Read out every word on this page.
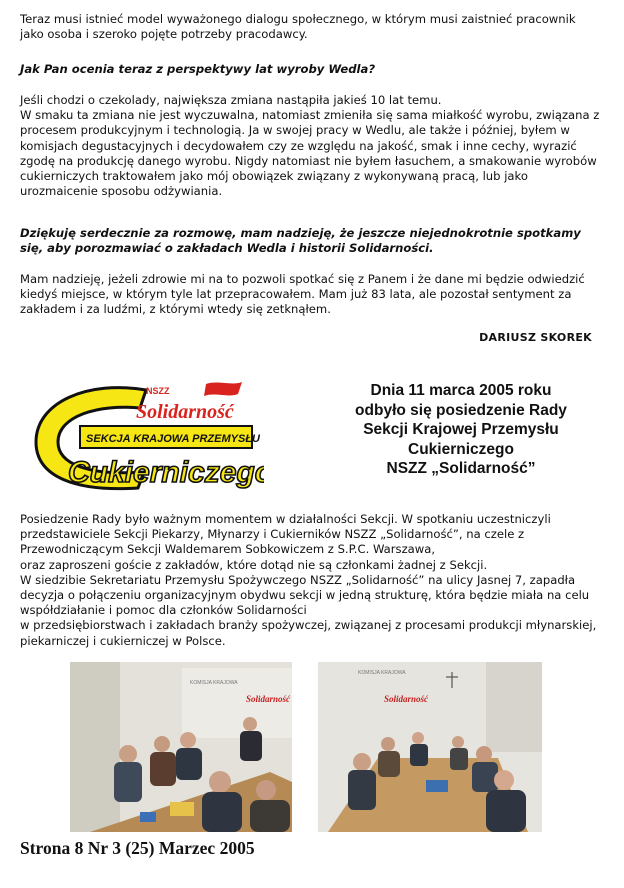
Teraz musi istnieć model wyważonego dialogu społecznego, w którym musi zaistnieć pracownik jako osoba i szeroko pojęte potrzeby pracodawcy.

Jak Pan ocenia teraz z perspektywy lat wyroby Wedla?

Jeśli chodzi o czekolady, największa zmiana nastąpiła jakieś 10 lat temu.
W smaku ta zmiana nie jest wyczuwalna, natomiast zmieniła się sama miałkość wyrobu, związana z procesem produkcyjnym i technologią. Ja w swojej pracy w Wedlu, ale także i później, byłem w komisjach degustacyjnych i decydowałem czy ze względu na jakość, smak i inne cechy, wyrazić zgodę na produkcję danego wyrobu. Nigdy natomiast nie byłem łasuchem, a smakowanie wyrobów cukierniczych traktowałem jako mój obowiązek związany z wykonywaną pracą, lub jako urozmaicenie sposobu odżywiania.

Dziękuję serdecznie za rozmowę, mam nadzieję, że jeszcze niejednokrotnie spotkamy się, aby porozmawiać o zakładach Wedla i historii Solidarności.

Mam nadzieję, jeżeli zdrowie mi na to pozwoli spotkać się z Panem i że dane mi będzie odwiedzić kiedyś miejsce, w którym tyle lat przepracowałem. Mam już 83 lata, ale pozostał sentyment za zakładem i za ludźmi, z którymi wtedy się zetknąłem.

DARIUSZ SKOREK
NSZZ
Solidarność
SEKCJA KRAJOWA PRZEMYSŁU
Cukierniczego
Dnia 11 marca 2005 roku
odbyło się posiedzenie Rady
Sekcji Krajowej Przemysłu
Cukierniczego
NSZZ „Solidarność”
Posiedzenie Rady było ważnym momentem w działalności Sekcji. W spotkaniu uczestniczyli przedstawiciele Sekcji Piekarzy, Młynarzy i Cukierników NSZZ „Solidarność”, na czele z Przewodniczącym Sekcji Waldemarem Sobkowiczem z S.P.C. Warszawa,
oraz zaproszeni goście z zakładów, które dotąd nie są członkami żadnej z Sekcji.
W siedzibie Sekretariatu Przemysłu Spożywczego NSZZ „Solidarność” na ulicy Jasnej 7, zapadła decyzja o połączeniu organizacyjnym obydwu sekcji w jedną strukturę, która będzie miała na celu współdziałanie i pomoc dla członków Solidarności
w przedsiębiorstwach i zakładach branży spożywczej, związanej z procesami produkcji młynarskiej, piekarniczej i cukierniczej w Polsce.
KOMISJA KRAJOWA
Solidarność
KOMISJA KRAJOWA
Solidarność
Strona 8 Nr 3 (25) Marzec 2005
